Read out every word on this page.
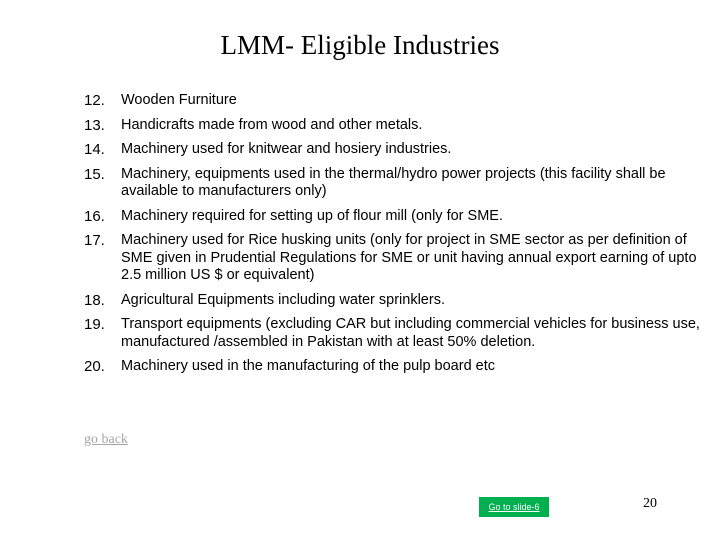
LMM- Eligible Industries
12.	Wooden Furniture
13.	Handicrafts made from wood and other metals.
14.	Machinery used for knitwear and hosiery industries.
15.	Machinery, equipments used in the thermal/hydro power projects (this facility shall be available to manufacturers only)
16.	Machinery required for setting up of flour mill (only for SME.
17.	Machinery used for Rice husking units (only for project in SME sector as per definition of SME given in Prudential Regulations for SME or unit having annual export earning of upto 2.5 million US $ or equivalent)
18.	Agricultural Equipments including water sprinklers.
19.	Transport equipments (excluding CAR but including commercial vehicles for business use, manufactured /assembled in Pakistan with at least 50% deletion.
20.	Machinery used in the manufacturing of the pulp board etc
go back
Go to slide-6	20
